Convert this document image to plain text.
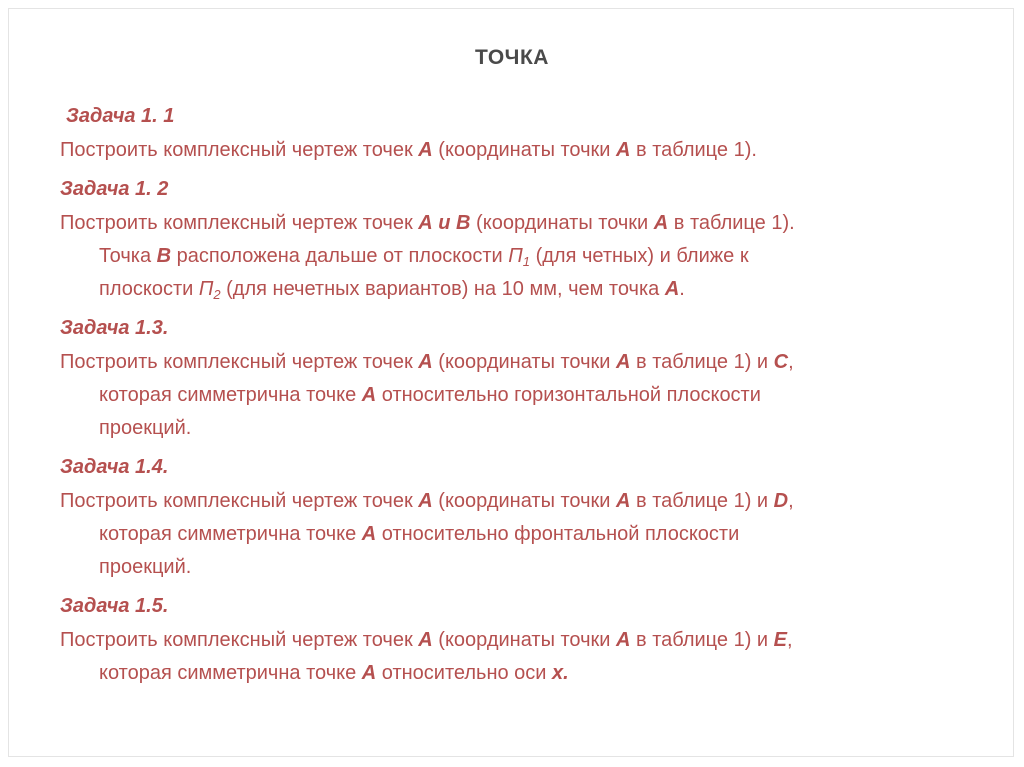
ТОЧКА
Задача 1. 1
Построить комплексный чертеж точек А (координаты точки А в таблице 1).
Задача 1. 2
Построить комплексный чертеж точек А и В (координаты точки А в таблице 1).
Точка В расположена дальше от плоскости $П_1$ (для четных) и ближе к
плоскости $П_2$ (для нечетных вариантов) на 10 мм, чем точка А.
Задача 1.3.
Построить комплексный чертеж точек А (координаты точки А в таблице 1) и С,
которая симметрична точке А относительно горизонтальной плоскости
проекций.
Задача 1.4.
Построить комплексный чертеж точек А (координаты точки А в таблице 1) и D,
которая симметрична точке А относительно фронтальной плоскости
проекций.
Задача 1.5.
Построить комплексный чертеж точек А (координаты точки А в таблице 1) и Е,
которая симметрична точке А относительно оси х.
